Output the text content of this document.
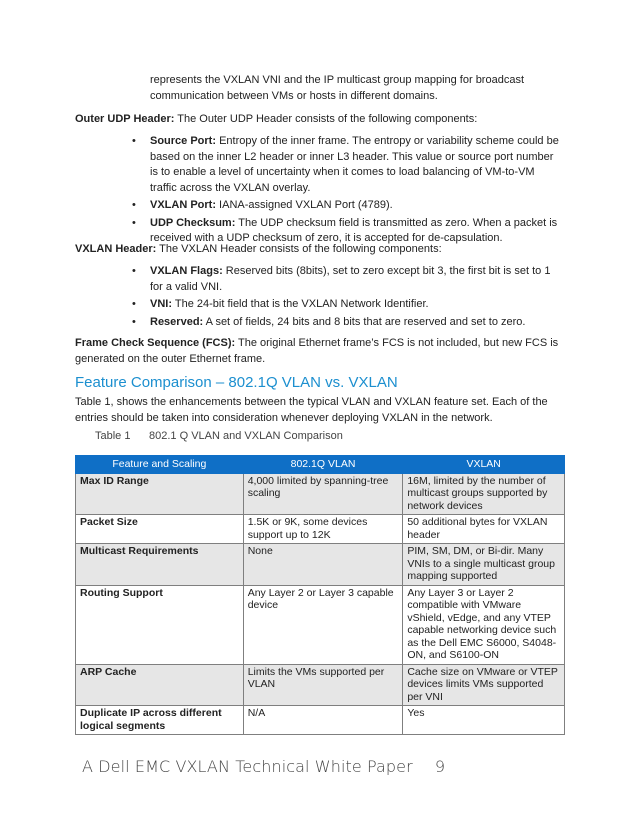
represents the VXLAN VNI and the IP multicast group mapping for broadcast communication between VMs or hosts in different domains.
Outer UDP Header: The Outer UDP Header consists of the following components:
• Source Port: Entropy of the inner frame. The entropy or variability scheme could be based on the inner L2 header or inner L3 header. This value or source port number is to enable a level of uncertainty when it comes to load balancing of VM-to-VM traffic across the VXLAN overlay.
• VXLAN Port: IANA-assigned VXLAN Port (4789).
• UDP Checksum: The UDP checksum field is transmitted as zero. When a packet is received with a UDP checksum of zero, it is accepted for de-capsulation.
VXLAN Header: The VXLAN Header consists of the following components:
• VXLAN Flags: Reserved bits (8bits), set to zero except bit 3, the first bit is set to 1 for a valid VNI.
• VNI: The 24-bit field that is the VXLAN Network Identifier.
• Reserved: A set of fields, 24 bits and 8 bits that are reserved and set to zero.
Frame Check Sequence (FCS): The original Ethernet frame’s FCS is not included, but new FCS is generated on the outer Ethernet frame.
Feature Comparison – 802.1Q VLAN vs. VXLAN
Table 1, shows the enhancements between the typical VLAN and VXLAN feature set. Each of the entries should be taken into consideration whenever deploying VXLAN in the network.
Table 1 802.1 Q VLAN and VXLAN Comparison
Feature and Scaling	802.1Q VLAN	VXLAN
Max ID Range	4,000 limited by spanning-tree scaling	16M, limited by the number of multicast groups supported by network devices
Packet Size	1.5K or 9K, some devices support up to 12K	50 additional bytes for VXLAN header
Multicast Requirements	None	PIM, SM, DM, or Bi-dir. Many VNIs to a single multicast group mapping supported
Routing Support	Any Layer 2 or Layer 3 capable device	Any Layer 3 or Layer 2 compatible with VMware vShield, vEdge, and any VTEP capable networking device such as the Dell EMC S6000, S4048-ON, and S6100-ON
ARP Cache	Limits the VMs supported per VLAN	Cache size on VMware or VTEP devices limits VMs supported per VNI
Duplicate IP across different logical segments	N/A	Yes
A Dell EMC VXLAN Technical White Paper 9
